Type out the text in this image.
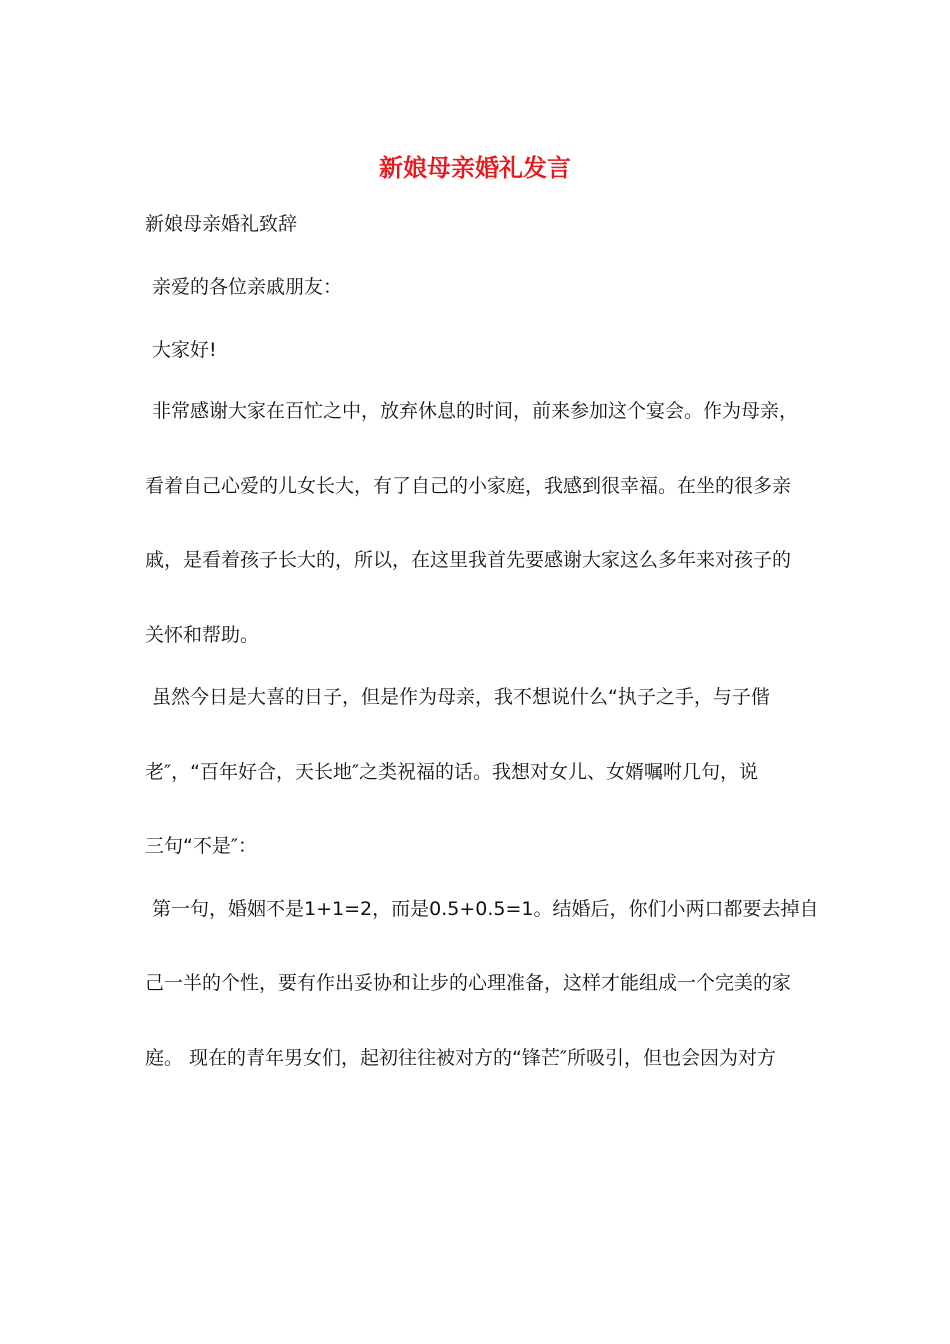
新娘母亲婚礼发言
新娘母亲婚礼致辞
亲爱的各位亲戚朋友：
大家好!
非常感谢大家在百忙之中，放弃休息的时间，前来参加这个宴会。作为母亲，
看着自己心爱的儿女长大，有了自己的小家庭，我感到很幸福。在坐的很多亲
戚，是看着孩子长大的，所以，在这里我首先要感谢大家这么多年来对孩子的
关怀和帮助。
虽然今日是大喜的日子，但是作为母亲，我不想说什么“执子之手，与子偕
老″，“百年好合，天长地″之类祝福的话。我想对女儿、女婿嘱咐几句，说
三句“不是″：
第一句，婚姻不是1+1=2，而是0.5+0.5=1。结婚后，你们小两口都要去掉自
己一半的个性，要有作出妥协和让步的心理准备，这样才能组成一个完美的家
庭。 现在的青年男女们，起初往往被对方的“锋芒″所吸引，但也会因为对方
